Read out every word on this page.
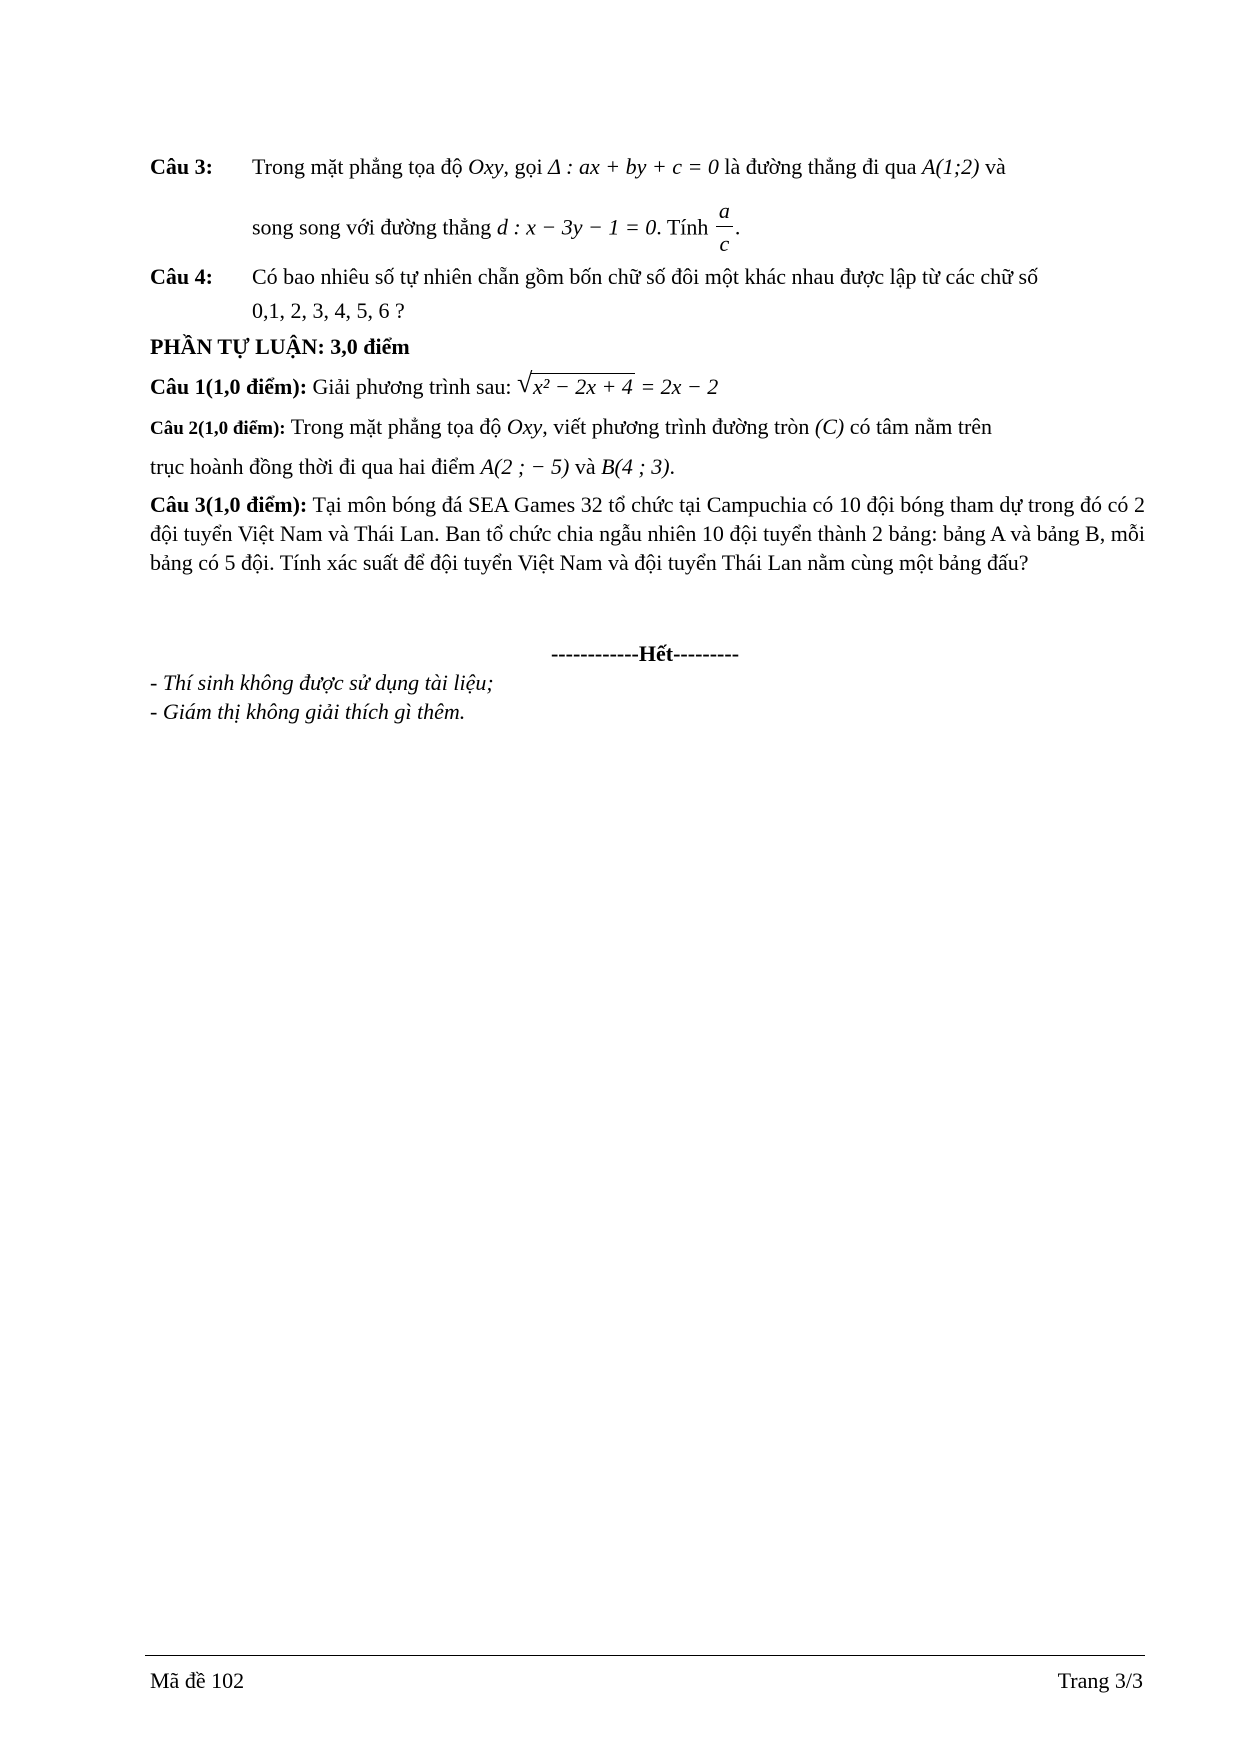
Câu 3: Trong mặt phẳng tọa độ Oxy, gọi Δ : ax + by + c = 0 là đường thẳng đi qua A(1;2) và
song song với đường thẳng d : x − 3y − 1 = 0. Tính $\frac{a}{c}$ .
Câu 4: Có bao nhiêu số tự nhiên chẵn gồm bốn chữ số đôi một khác nhau được lập từ các chữ số
0,1, 2, 3, 4, 5, 6 ?
PHẦN TỰ LUẬN: 3,0 điểm
Câu 1(1,0 điểm): Giải phương trình sau: √ x² − 2x + 4 = 2x − 2
Câu 2(1,0 điểm): Trong mặt phẳng tọa độ Oxy, viết phương trình đường tròn (C) có tâm nằm trên
trục hoành đồng thời đi qua hai điểm A(2 ; − 5) và B(4 ; 3).
Câu 3(1,0 điểm): Tại môn bóng đá SEA Games 32 tổ chức tại Campuchia có 10 đội bóng tham dự trong đó có 2 đội tuyển Việt Nam và Thái Lan. Ban tổ chức chia ngẫu nhiên 10 đội tuyển thành 2 bảng: bảng A và bảng B, mỗi bảng có 5 đội. Tính xác suất để đội tuyển Việt Nam và đội tuyển Thái Lan nằm cùng một bảng đấu?
------------Hết---------
- Thí sinh không được sử dụng tài liệu;
- Giám thị không giải thích gì thêm.
Mã đề 102	Trang 3/3
